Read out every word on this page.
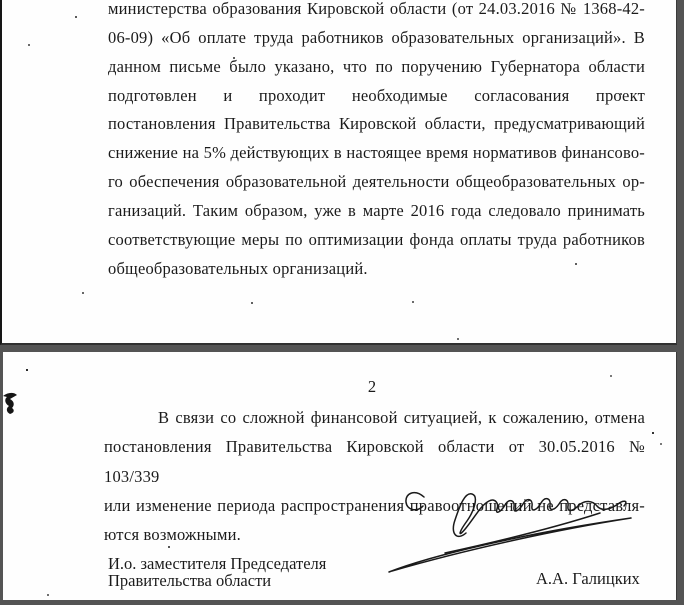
министерства образования Кировской области (от 24.03.2016 № 1368-42-
06-09) «Об оплате труда работников образовательных организаций». В
данном письме было указано, что по поручению Губернатора области
подготовлен и проходит необходимые согласования проект
постановления Правительства Кировской области, предусматривающий
снижение на 5% действующих в настоящее время нормативов финансово-
го обеспечения образовательной деятельности общеобразовательных ор-
ганизаций. Таким образом, уже в марте 2016 года следовало принимать
соответствующие меры по оптимизации фонда оплаты труда работников
общеобразовательных организаций.
2
В связи со сложной финансовой ситуацией, к сожалению, отмена
постановления Правительства Кировской области от 30.05.2016 № 103/339
или изменение периода распространения правоотношений не представля-
ются возможными.
И.о. заместителя Председателя
Правительства области	А.А. Галицких
